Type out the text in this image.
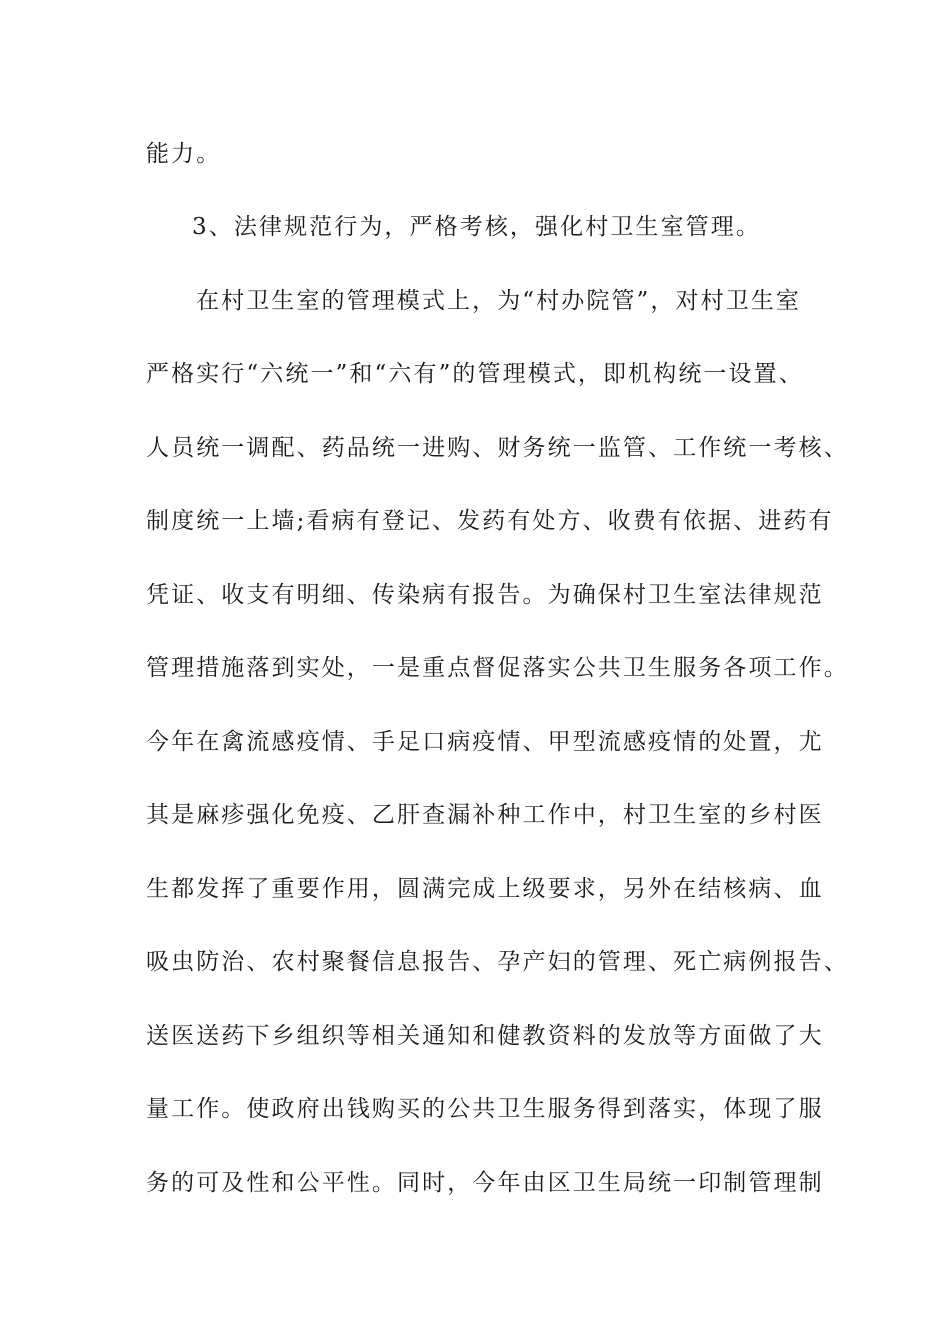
能力。
3、法律规范行为，严格考核，强化村卫生室管理。
在村卫生室的管理模式上，为“村办院管”，对村卫生室
严格实行“六统一”和“六有”的管理模式，即机构统一设置、
人员统一调配、药品统一进购、财务统一监管、工作统一考核、
制度统一上墙;看病有登记、发药有处方、收费有依据、进药有
凭证、收支有明细、传染病有报告。为确保村卫生室法律规范
管理措施落到实处，一是重点督促落实公共卫生服务各项工作。
今年在禽流感疫情、手足口病疫情、甲型流感疫情的处置，尤
其是麻疹强化免疫、乙肝查漏补种工作中，村卫生室的乡村医
生都发挥了重要作用，圆满完成上级要求，另外在结核病、血
吸虫防治、农村聚餐信息报告、孕产妇的管理、死亡病例报告、
送医送药下乡组织等相关通知和健教资料的发放等方面做了大
量工作。使政府出钱购买的公共卫生服务得到落实，体现了服
务的可及性和公平性。同时，今年由区卫生局统一印制管理制
